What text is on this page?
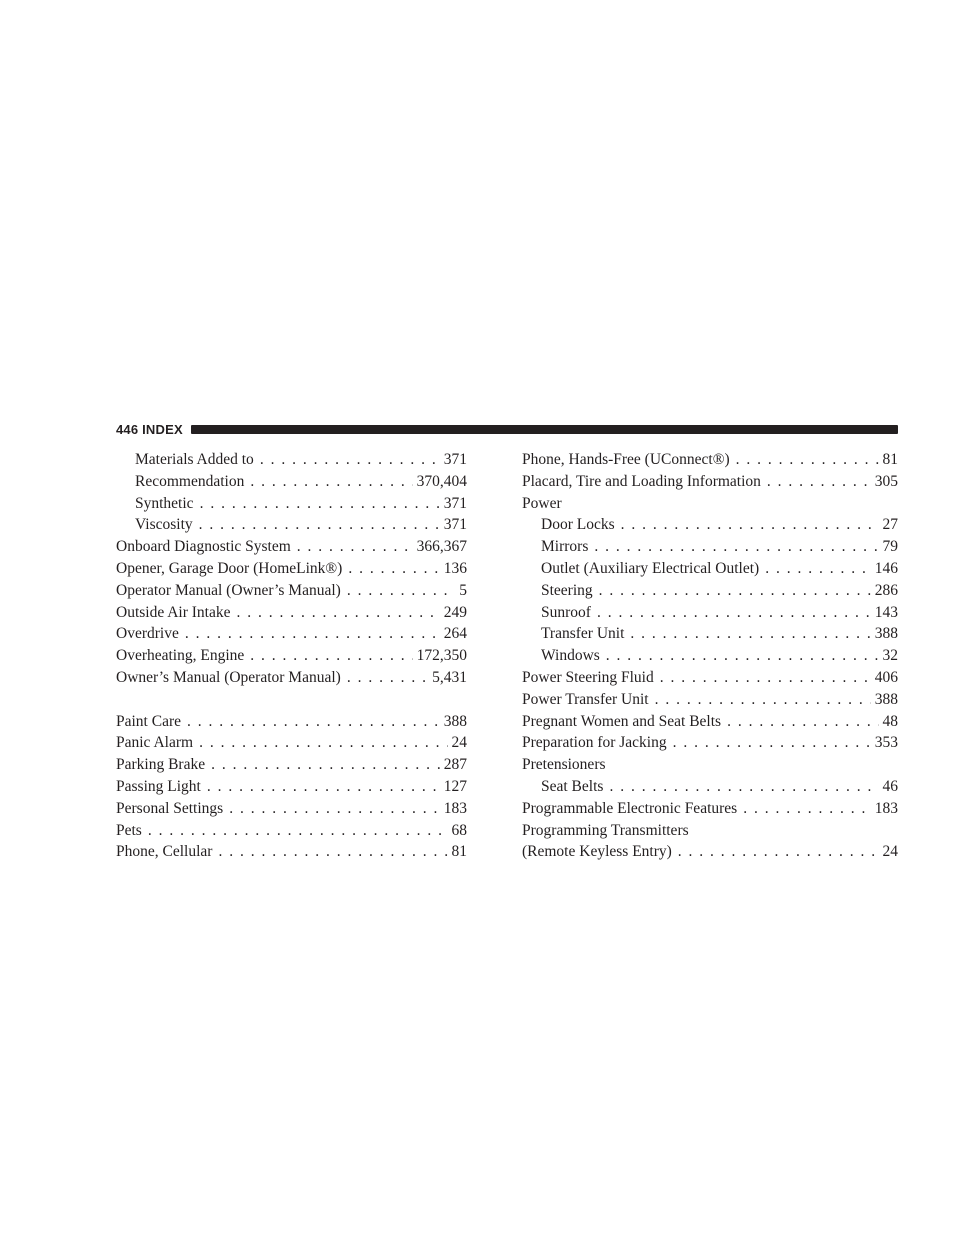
446 INDEX
Materials Added to . . .	371
Recommendation . . .	370,404
Synthetic . . .	371
Viscosity . . .	371
Onboard Diagnostic System . . .	366,367
Opener, Garage Door (HomeLink®) . . .	136
Operator Manual (Owner’s Manual) . . .	5
Outside Air Intake . . .	249
Overdrive . . .	264
Overheating, Engine . . .	172,350
Owner’s Manual (Operator Manual) . . .	5,431
Paint Care . . .	388
Panic Alarm . . .	24
Parking Brake . . .	287
Passing Light . . .	127
Personal Settings . . .	183
Pets . . .	68
Phone, Cellular . . .	81
Phone, Hands-Free (UConnect®) . . .	81
Placard, Tire and Loading Information . . .	305
Power
Door Locks . . .	27
Mirrors . . .	79
Outlet (Auxiliary Electrical Outlet) . . .	146
Steering . . .	286
Sunroof . . .	143
Transfer Unit . . .	388
Windows . . .	32
Power Steering Fluid . . .	406
Power Transfer Unit . . .	388
Pregnant Women and Seat Belts . . .	48
Preparation for Jacking . . .	353
Pretensioners
Seat Belts . . .	46
Programmable Electronic Features . . .	183
Programming Transmitters
(Remote Keyless Entry) . . .	24
